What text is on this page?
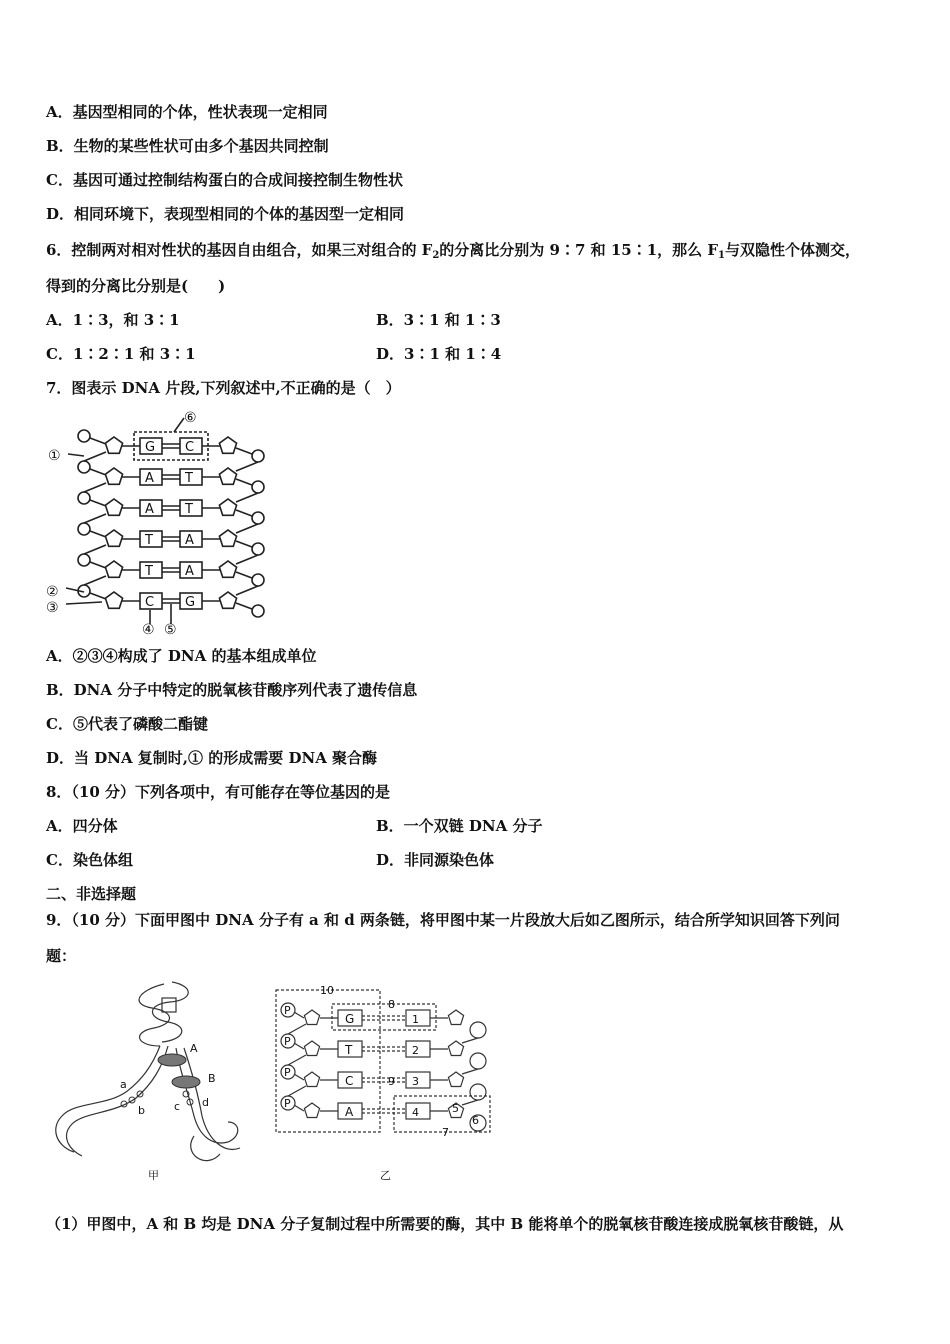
A．基因型相同的个体，性状表现一定相同
B．生物的某些性状可由多个基因共同控制
C．基因可通过控制结构蛋白的合成间接控制生物性状
D．相同环境下，表现型相同的个体的基因型一定相同
6．控制两对相对性状的基因自由组合，如果三对组合的 $F_2$的分离比分别为 9∶7 和 15∶1，那么 $F_1$与双隐性个体测交，
得到的分离比分别是(　　)
A．1∶3，和 3∶1	B．3∶1 和 1∶3
C．1∶2∶1 和 3∶1	D．3∶1 和 1∶4
7．图表示 DNA 片段,下列叙述中,不正确的是（　）
G C
A T
A T
T A
T A
C G
①
②
③
④ ⑤
⑥
A．②③④构成了 DNA 的基本组成单位
B．DNA 分子中特定的脱氧核苷酸序列代表了遗传信息
C．⑤代表了磷酸二酯键
D．当 DNA 复制时,① 的形成需要 DNA 聚合酶
8．（10 分）下列各项中，有可能存在等位基因的是
A．四分体	B．一个双链 DNA 分子
C．染色体组	D．非同源染色体
二、非选择题
9．（10 分）下面甲图中 DNA 分子有 a 和 d 两条链，将甲图中某一片段放大后如乙图所示，结合所学知识回答下列问
题：
A
B
a
b	c d
P
G
P
T
P
C
P
A
10
8
1
2
9 3
4	5
6
7
甲	乙
（1）甲图中，A 和 B 均是 DNA 分子复制过程中所需要的酶，其中 B 能将单个的脱氧核苷酸连接成脱氧核苷酸链，从
